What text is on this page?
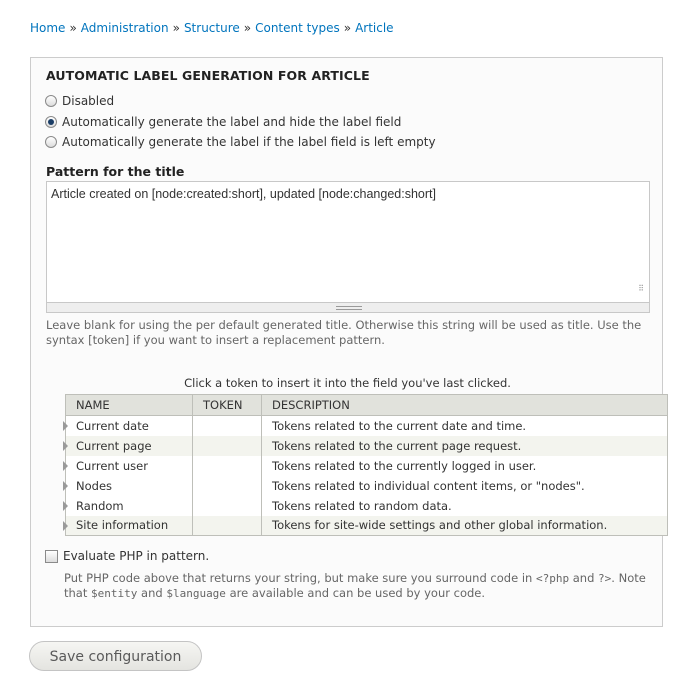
Home » Administration » Structure » Content types » Article
AUTOMATIC LABEL GENERATION FOR ARTICLE
Disabled
Automatically generate the label and hide the label field
Automatically generate the label if the label field is left empty
Pattern for the title
Article created on [node:created:short], updated [node:changed:short]
⠿
Leave blank for using the per default generated title. Otherwise this string will be used as title. Use the syntax [token] if you want to insert a replacement pattern.
Click a token to insert it into the field you've last clicked.
NAME	TOKEN	DESCRIPTION

Current date		Tokens related to the current date and time.

Current page		Tokens related to the current page request.

Current user		Tokens related to the currently logged in user.

Nodes		Tokens related to individual content items, or "nodes".

Random		Tokens related to random data.

Site information		Tokens for site-wide settings and other global information.
Evaluate PHP in pattern.
Put PHP code above that returns your string, but make sure you surround code in <?php and ?>. Note that $entity and $language are available and can be used by your code.
Save configuration
